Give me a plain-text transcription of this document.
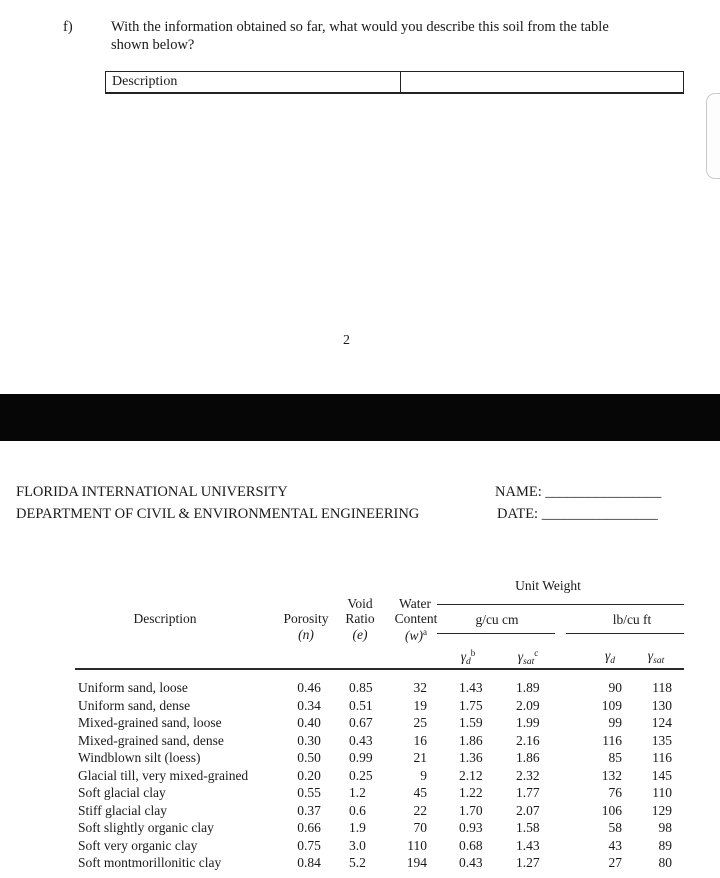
f)	With the information obtained so far, what would you describe this soil from the table
shown below?
Description
2
FLORIDA INTERNATIONAL UNIVERSITY
DEPARTMENT OF CIVIL & ENVIRONMENTAL ENGINEERING
NAME: ________________
DATE: ________________
Unit Weight
Void Water
Description	Porosity Ratio Content	g/cu cm	lb/cu ft
(n)	(e)	$(w)^a$
$\gamma_d^b$	$\gamma_{sat}^c$	$\gamma_d$ $\gamma_{sat}$
Uniform sand, loose	0.46	0.85	32 1.43	1.89	90	118
Uniform sand, dense	0.34	0.51	19 1.75	2.09	109	130
Mixed-grained sand, loose	0.40	0.67	25 1.59	1.99	99	124
Mixed-grained sand, dense	0.30	0.43	16 1.86	2.16	116	135
Windblown silt (loess)	0.50	0.99	21 1.36	1.86	85	116
Glacial till, very mixed-grained	0.20	0.25	9 2.12	2.32	132	145
Soft glacial clay	0.55	1.2	45 1.22	1.77	76	110
Stiff glacial clay	0.37	0.6	22 1.70	2.07	106	129
Soft slightly organic clay	0.66	1.9	70 0.93	1.58	58	98
Soft very organic clay	0.75	3.0	110 0.68	1.43	43	89
Soft montmorillonitic clay	0.84	5.2	194 0.43	1.27	27	80
